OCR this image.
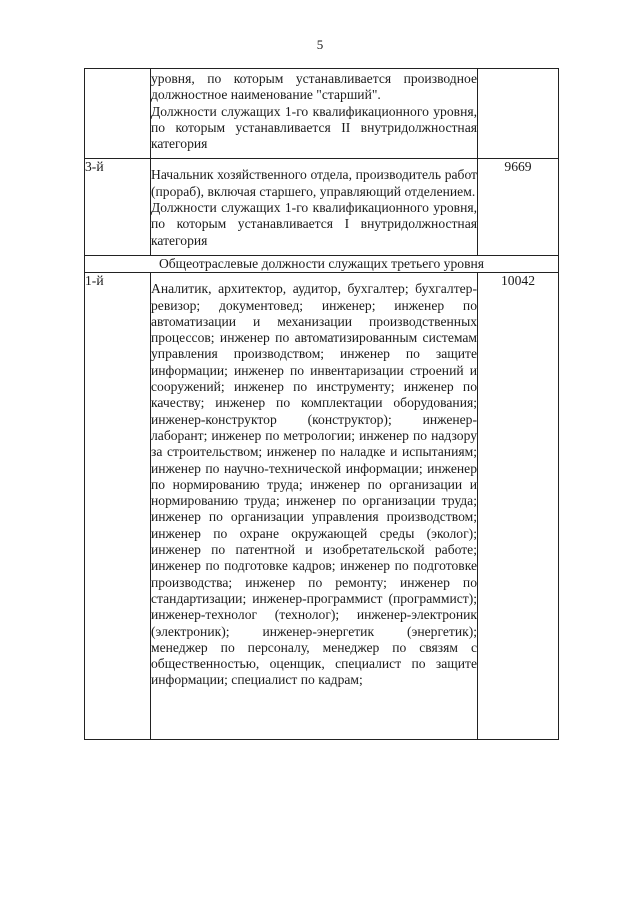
5

	уровня, по которым устанавливается производное должностное наименование "старший".
Должности служащих 1-го квалификационного уровня, по которым устанавливается II внутридолжностная категория	

3-й	Начальник хозяйственного отдела, производитель работ (прораб), включая старшего, управляющий отделением.
Должности служащих 1-го квалификационного уровня, по которым устанавливается I внутридолжностная категория	9669
Общеотраслевые должности служащих третьего уровня		
1-й	Аналитик, архитектор, аудитор, бухгалтер; бухгалтер-ревизор; документовед; инженер; инженер по автоматизации и механизации производственных процессов; инженер по автоматизированным системам управления производством; инженер по защите информации; инженер по инвентаризации строений и сооружений; инженер по инструменту; инженер по качеству; инженер по комплектации оборудования; инженер-конструктор (конструктор); инженер-лаборант; инженер по метрологии; инженер по надзору за строительством; инженер по наладке и испытаниям; инженер по научно-технической информации; инженер по нормированию труда; инженер по организации и нормированию труда; инженер по организации труда; инженер по организации управления производством; инженер по охране окружающей среды (эколог); инженер по патентной и изобретательской работе; инженер по подготовке кадров; инженер по подготовке производства; инженер по ремонту; инженер по стандартизации; инженер-программист (программист); инженер-технолог (технолог); инженер-электроник (электроник); инженер-энергетик (энергетик); менеджер по персоналу, менеджер по связям с общественностью, оценщик, специалист по защите информации; специалист по кадрам;	10042
